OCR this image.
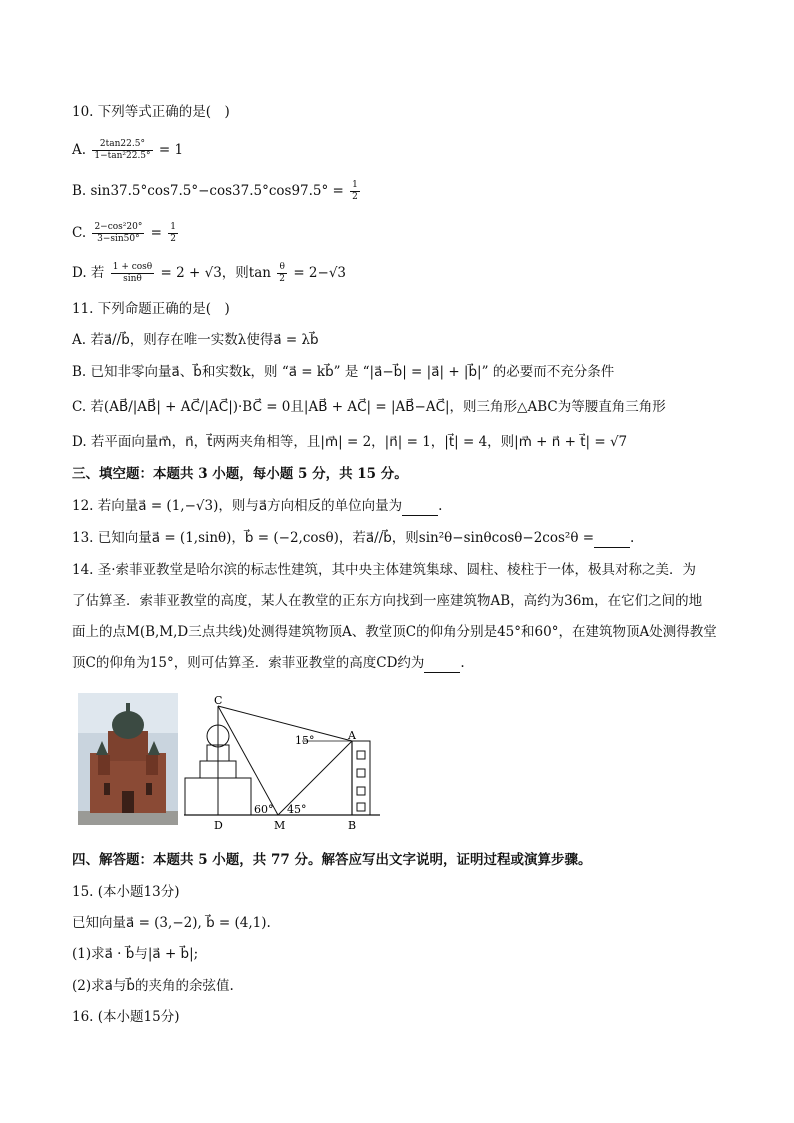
10. 下列等式正确的是(　)
A. $\frac{2\tan 22.5^\circ}{\text{1−tan²22.5°}} = 1$
B. $\sin 37.5^\circ\cos 7.5^\circ-\cos 37.5^\circ\cos 97.5^\circ = \frac{1}{2}$
C. $\frac{\text{2−cos²20°}}{3-\sin 50^\circ} = \frac{1}{2}$
D. 若 $\frac{1 + \cos\theta}{\sin\theta} = 2 + √3$，则$\tan \frac{\theta}{2} = 2-√3$
11. 下列命题正确的是(　)
A. 若a⃗//b⃗，则存在唯一实数λ使得a⃗ = λb⃗
B. 已知非零向量a⃗、b⃗和实数k，则 “a⃗ = kb⃗” 是 “|a⃗−b⃗| = |a⃗| + |b⃗|” 的必要而不充分条件
C. 若(AB⃗/|AB⃗| + AC⃗/|AC⃗|)·BC⃗ = 0且|AB⃗ + AC⃗| = |AB⃗−AC⃗|，则三角形△ABC为等腰直角三角形
D. 若平面向量m⃗，n⃗，t⃗两两夹角相等，且|m⃗| = 2，|n⃗| = 1，|t⃗| = 4，则|m⃗ + n⃗ + t⃗| = √7
三、填空题：本题共 3 小题，每小题 5 分，共 15 分。
12. 若向量a⃗ = (1,−√3)，则与a⃗方向相反的单位向量为	.
13. 已知向量a⃗ = (1,sinθ)，b⃗ = (−2,cosθ)，若a⃗//b⃗，则sin²θ−sinθcosθ−2cos²θ =	.
14. 圣·索菲亚教堂是哈尔滨的标志性建筑，其中央主体建筑集球、圆柱、棱柱于一体，极具对称之美．为
了估算圣．索菲亚教堂的高度，某人在教堂的正东方向找到一座建筑物AB，高约为36m，在它们之间的地
面上的点M(B,M,D三点共线)处测得建筑物顶A、教堂顶C的仰角分别是45°和60°，在建筑物顶A处测得教堂
顶C的仰角为15°，则可估算圣．索菲亚教堂的高度CD约为	.
C
A
D	M	B
15°
60° 45°
四、解答题：本题共 5 小题，共 77 分。解答应写出文字说明，证明过程或演算步骤。
15. (本小题13分)
已知向量a⃗ = (3,−2), b⃗ = (4,1).
(1)求a⃗ · b⃗与|a⃗ + b⃗|;
(2)求a⃗与b⃗的夹角的余弦值.
16. (本小题15分)
